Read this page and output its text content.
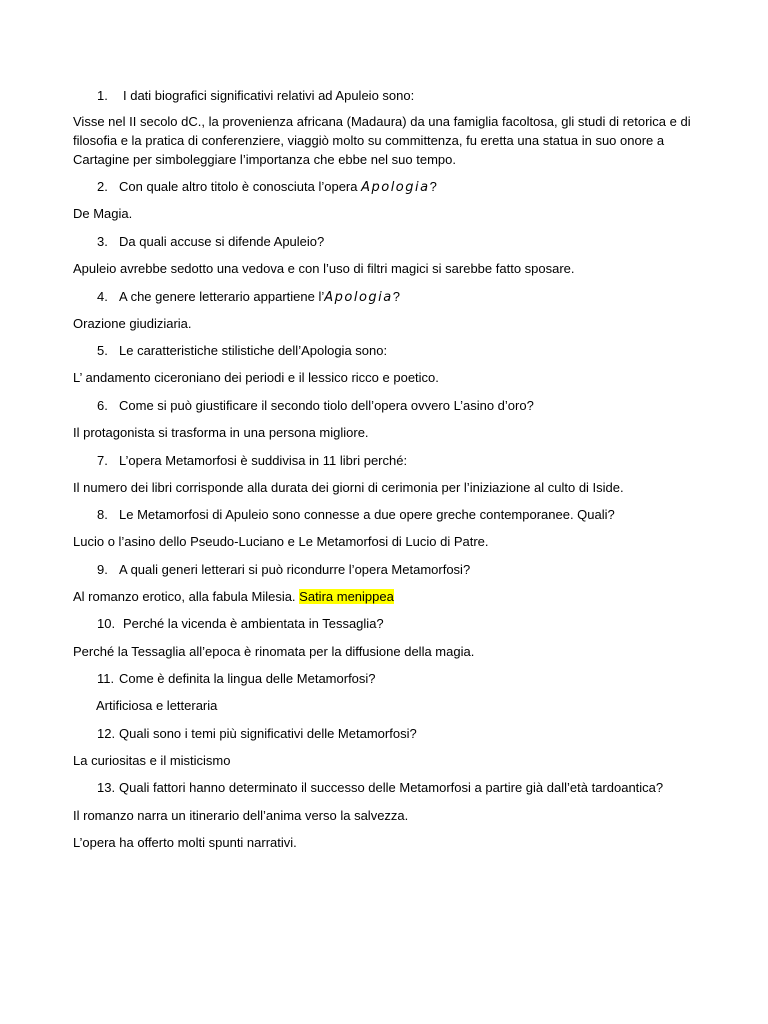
1. I dati biografici significativi relativi ad Apuleio sono:
Visse nel II secolo dC., la provenienza africana (Madaura) da una famiglia facoltosa, gli studi di retorica e di
filosofia e la pratica di conferenziere, viaggiò molto su committenza, fu eretta una statua in suo onore a
Cartagine per simboleggiare l’importanza che ebbe nel suo tempo.
2. Con quale altro titolo è conosciuta l’opera Apologia?
De Magia.
3. Da quali accuse si difende Apuleio?
Apuleio avrebbe sedotto una vedova e con l’uso di filtri magici si sarebbe fatto sposare.
4. A che genere letterario appartiene l’Apologia?
Orazione giudiziaria.
5. Le caratteristiche stilistiche dell’Apologia sono:
L’ andamento ciceroniano dei periodi e il lessico ricco e poetico.
6. Come si può giustificare il secondo tiolo dell’opera ovvero L’asino d’oro?
Il protagonista si trasforma in una persona migliore.
7. L’opera Metamorfosi è suddivisa in 11 libri perché:
Il numero dei libri corrisponde alla durata dei giorni di cerimonia per l’iniziazione al culto di Iside.
8. Le Metamorfosi di Apuleio sono connesse a due opere greche contemporanee. Quali?
Lucio o l’asino dello Pseudo-Luciano e Le Metamorfosi di Lucio di Patre.
9. A quali generi letterari si può ricondurre l’opera Metamorfosi?
Al romanzo erotico, alla fabula Milesia. Satira menippea
10. Perché la vicenda è ambientata in Tessaglia?
Perché la Tessaglia all’epoca è rinomata per la diffusione della magia.
11. Come è definita la lingua delle Metamorfosi?
Artificiosa e letteraria
12. Quali sono i temi più significativi delle Metamorfosi?
La curiositas e il misticismo
13. Quali fattori hanno determinato il successo delle Metamorfosi a partire già dall’età tardoantica?
Il romanzo narra un itinerario dell’anima verso la salvezza.
L’opera ha offerto molti spunti narrativi.
